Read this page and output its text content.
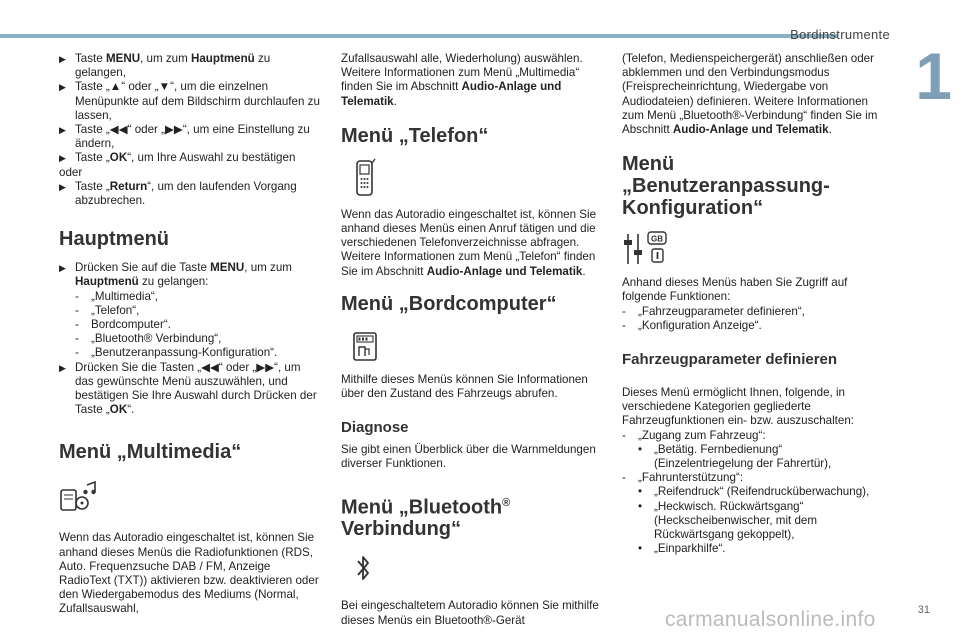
Bordinstrumente
1
▶ Taste MENU, um zum Hauptmenü zu gelangen,
▶ Taste „▲“ oder „▼“, um die einzelnen Menüpunkte auf dem Bildschirm durchlaufen zu lassen,
▶ Taste „◀◀“ oder „▶▶“, um eine Einstellung zu ändern,
▶ Taste „OK“, um Ihre Auswahl zu bestätigen

oder

▶ Taste „Return“, um den laufenden Vorgang abzubrechen.
Hauptmenü
▶ Drücken Sie auf die Taste MENU, um zum Hauptmenü zu gelangen:
-	„Multimedia“,
-	„Telefon“,
-	Bordcomputer“.
-	„Bluetooth® Verbindung“,
-	„Benutzeranpassung-Konfiguration“.
▶ Drücken Sie die Tasten „◀◀“ oder „▶▶“, um das gewünschte Menü auszuwählen, und bestätigen Sie Ihre Auswahl durch Drücken der Taste „OK“.
Menü „Multimedia“

Wenn das Autoradio eingeschaltet ist, können Sie anhand dieses Menüs die Radiofunktionen (RDS, Auto. Frequenzsuche DAB / FM, Anzeige RadioText (TXT)) aktivieren bzw. deaktivieren oder den Wiedergabemodus des Mediums (Normal, Zufallsauswahl,

Zufallsauswahl alle, Wiederholung) auswählen. Weitere Informationen zum Menü „Multimedia“ finden Sie im Abschnitt Audio-Anlage und Telematik.

Menü „Telefon“

Wenn das Autoradio eingeschaltet ist, können Sie anhand dieses Menüs einen Anruf tätigen und die verschiedenen Telefonverzeichnisse abfragen. Weitere Informationen zum Menü „Telefon“ finden Sie im Abschnitt Audio-Anlage und Telematik.

Menü „Bordcomputer“

Mithilfe dieses Menüs können Sie Informationen über den Zustand des Fahrzeugs abrufen.

Diagnose

Sie gibt einen Überblick über die Warnmeldungen diverser Funktionen.

Menü „Bluetooth®
Verbindung“

Bei eingeschaltetem Autoradio können Sie mithilfe dieses Menüs ein Bluetooth®-Gerät

(Telefon, Medienspeichergerät) anschließen oder abklemmen und den Verbindungsmodus (Freisprecheinrichtung, Wiedergabe von Audiodateien) definieren. Weitere Informationen zum Menü „Bluetooth®-Verbindung“ finden Sie im Abschnitt Audio-Anlage und Telematik.

Menü „Benutzeranpassung-Konfiguration“
GB

Anhand dieses Menüs haben Sie Zugriff auf folgende Funktionen:

-	„Fahrzeugparameter definieren“,
-	„Konfiguration Anzeige“.
Fahrzeugparameter definieren

Dieses Menü ermöglicht Ihnen, folgende, in verschiedene Kategorien gegliederte Fahrzeugfunktionen ein- bzw. auszuschalten:

-	„Zugang zum Fahrzeug“:
•	„Betätig. Fernbedienung“ (Einzelentriegelung der Fahrertür),
-	„Fahrunterstützung“:
•	„Reifendruck“ (Reifendrucküberwachung),
•	„Heckwisch. Rückwärtsgang“ (Heckscheibenwischer, mit dem Rückwärtsgang gekoppelt),
•	„Einparkhilfe“.
31
carmanualsonline.info
